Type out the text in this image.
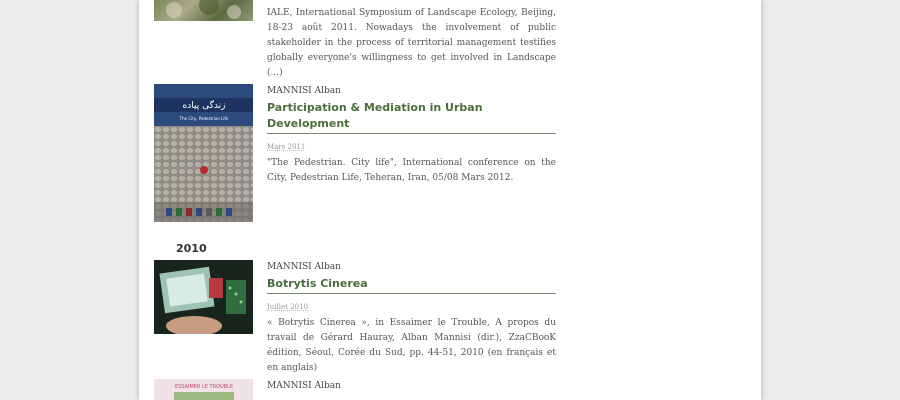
IALE, International Symposium of Landscape Ecology, Beijing, 18-23 août 2011. Nowadays the involvement of public stakeholder in the process of territorial management testifies globally everyone's willingness to get involved in Landscape (...)
زندگی پیاده
The City, Pedestrian Life
MANNISI Alban
Participation & Mediation in Urban Development
Mars 2011
"The Pedestrian. City life", International conference on the City, Pedestrian Life, Teheran, Iran, 05/08 Mars 2012.
2010
MANNISI Alban
Botrytis Cinerea
Juillet 2010
« Botrytis Cinerea », in Essaimer le Trouble, A propos du travail de Gérard Hauray, Alban Mannisi (dir.), ZzaCBooK édition, Séoul, Corée du Sud, pp. 44-51, 2010 (en français et en anglais)
ESSAIMER LE TROUBLE	MANNISI Alban
